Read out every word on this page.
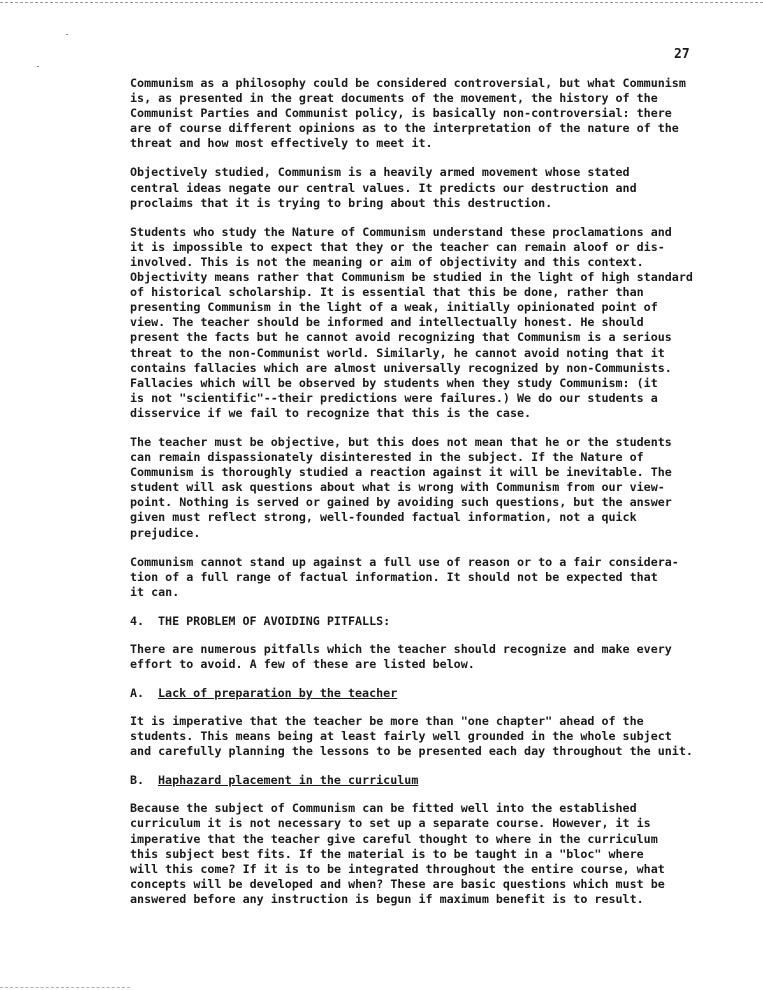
27
Communism as a philosophy could be considered controversial, but what Communism
is, as presented in the great documents of the movement, the history of the
Communist Parties and Communist policy, is basically non-controversial: there
are of course different opinions as to the interpretation of the nature of the
threat and how most effectively to meet it.
Objectively studied, Communism is a heavily armed movement whose stated
central ideas negate our central values. It predicts our destruction and
proclaims that it is trying to bring about this destruction.
Students who study the Nature of Communism understand these proclamations and
it is impossible to expect that they or the teacher can remain aloof or dis-
involved. This is not the meaning or aim of objectivity and this context.
Objectivity means rather that Communism be studied in the light of high standard
of historical scholarship. It is essential that this be done, rather than
presenting Communism in the light of a weak, initially opinionated point of
view. The teacher should be informed and intellectually honest. He should
present the facts but he cannot avoid recognizing that Communism is a serious
threat to the non-Communist world. Similarly, he cannot avoid noting that it
contains fallacies which are almost universally recognized by non-Communists.
Fallacies which will be observed by students when they study Communism: (it
is not "scientific"--their predictions were failures.) We do our students a
disservice if we fail to recognize that this is the case.
The teacher must be objective, but this does not mean that he or the students
can remain dispassionately disinterested in the subject. If the Nature of
Communism is thoroughly studied a reaction against it will be inevitable. The
student will ask questions about what is wrong with Communism from our view-
point. Nothing is served or gained by avoiding such questions, but the answer
given must reflect strong, well-founded factual information, not a quick
prejudice.
Communism cannot stand up against a full use of reason or to a fair considera-
tion of a full range of factual information. It should not be expected that
it can.
4. THE PROBLEM OF AVOIDING PITFALLS:
There are numerous pitfalls which the teacher should recognize and make every
effort to avoid. A few of these are listed below.
A. Lack of preparation by the teacher
It is imperative that the teacher be more than "one chapter" ahead of the
students. This means being at least fairly well grounded in the whole subject
and carefully planning the lessons to be presented each day throughout the unit.
B. Haphazard placement in the curriculum
Because the subject of Communism can be fitted well into the established
curriculum it is not necessary to set up a separate course. However, it is
imperative that the teacher give careful thought to where in the curriculum
this subject best fits. If the material is to be taught in a "bloc" where
will this come? If it is to be integrated throughout the entire course, what
concepts will be developed and when? These are basic questions which must be
answered before any instruction is begun if maximum benefit is to result.
